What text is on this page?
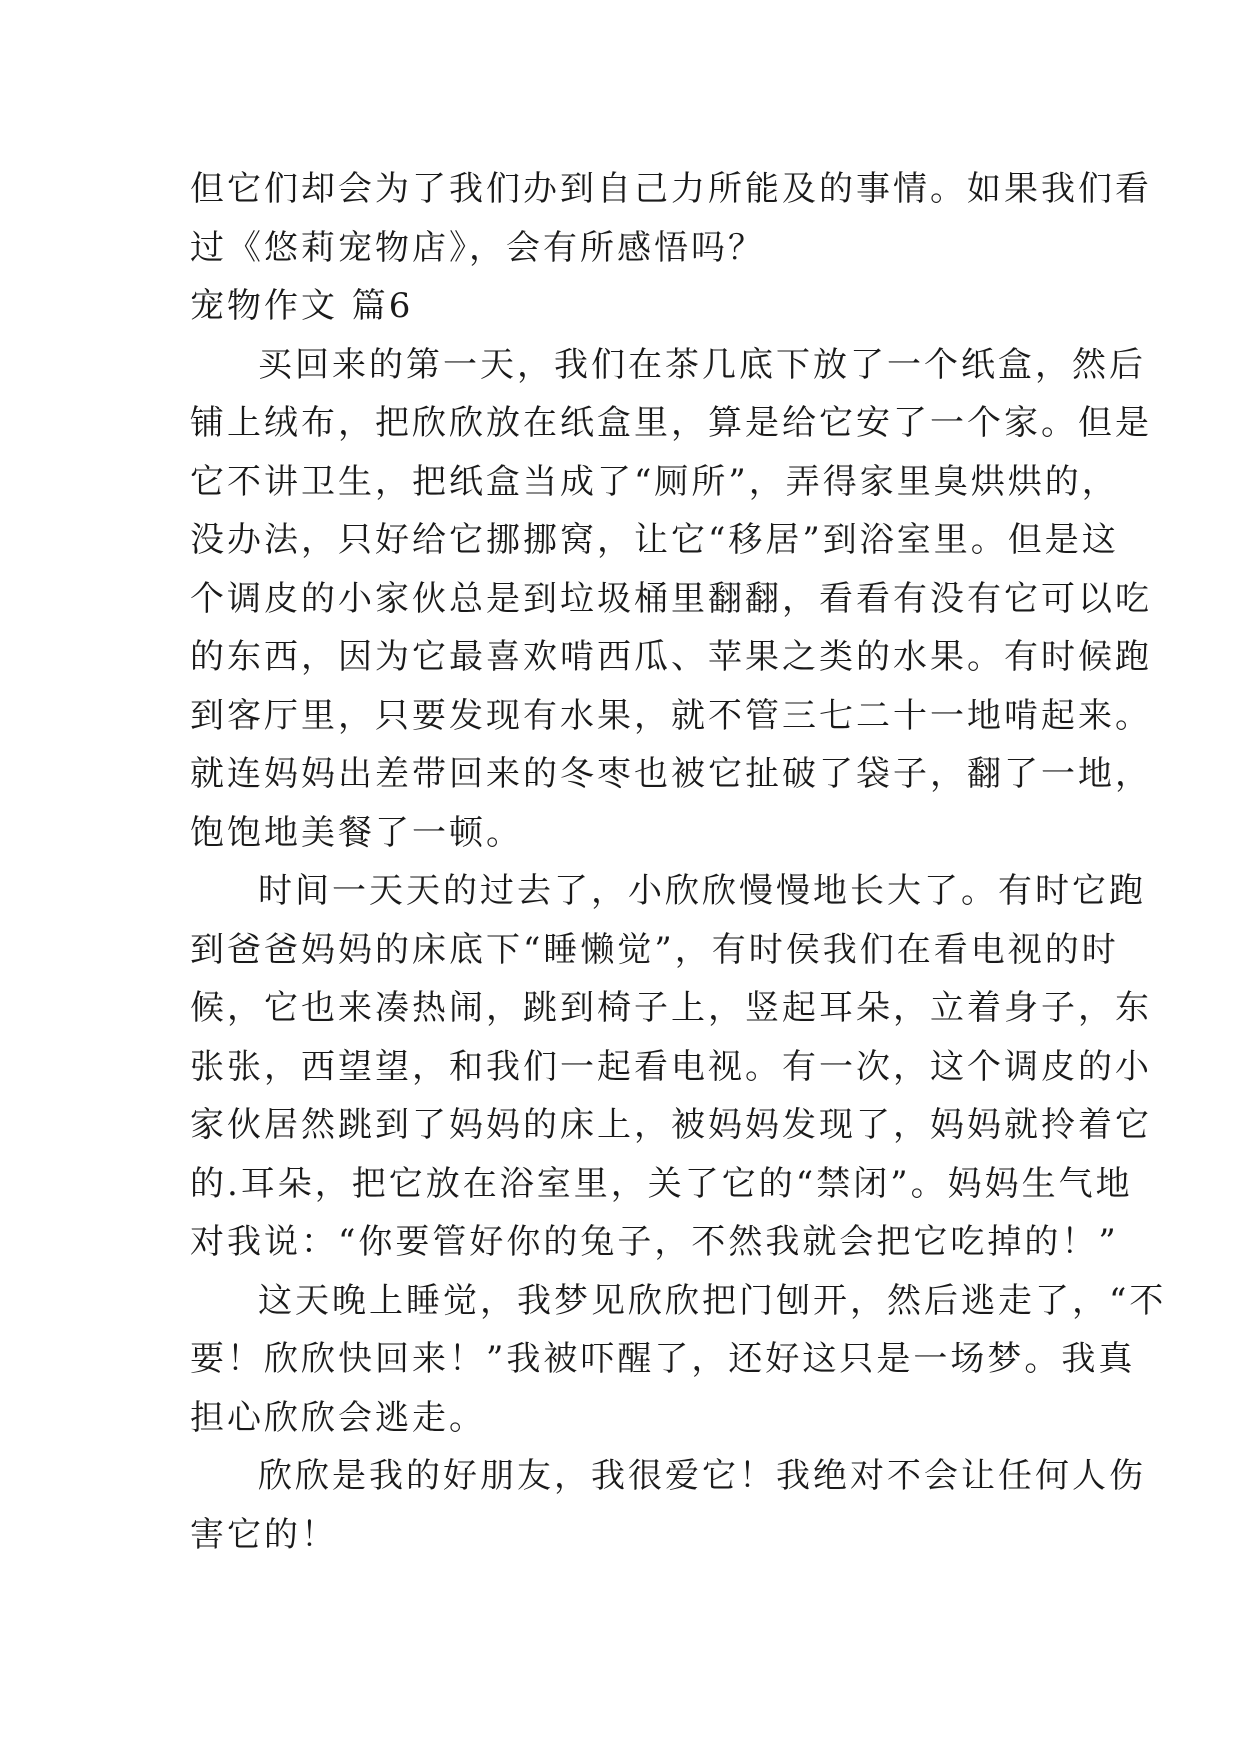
但它们却会为了我们办到自己力所能及的事情。如果我们看
过《悠莉宠物店》，会有所感悟吗？
宠物作文 篇6
买回来的第一天，我们在茶几底下放了一个纸盒，然后
铺上绒布，把欣欣放在纸盒里，算是给它安了一个家。但是
它不讲卫生，把纸盒当成了“厕所”，弄得家里臭烘烘的，
没办法，只好给它挪挪窝，让它“移居”到浴室里。但是这
个调皮的小家伙总是到垃圾桶里翻翻，看看有没有它可以吃
的东西，因为它最喜欢啃西瓜、苹果之类的水果。有时候跑
到客厅里，只要发现有水果，就不管三七二十一地啃起来。
就连妈妈出差带回来的冬枣也被它扯破了袋子，翻了一地，
饱饱地美餐了一顿。
时间一天天的过去了，小欣欣慢慢地长大了。有时它跑
到爸爸妈妈的床底下“睡懒觉”，有时侯我们在看电视的时
候，它也来凑热闹，跳到椅子上，竖起耳朵，立着身子，东
张张，西望望，和我们一起看电视。有一次，这个调皮的小
家伙居然跳到了妈妈的床上，被妈妈发现了，妈妈就拎着它
的.耳朵，把它放在浴室里，关了它的“禁闭”。妈妈生气地
对我说：“你要管好你的兔子，不然我就会把它吃掉的！”
这天晚上睡觉，我梦见欣欣把门刨开，然后逃走了，“不
要！欣欣快回来！”我被吓醒了，还好这只是一场梦。我真
担心欣欣会逃走。
欣欣是我的好朋友，我很爱它！我绝对不会让任何人伤
害它的！
